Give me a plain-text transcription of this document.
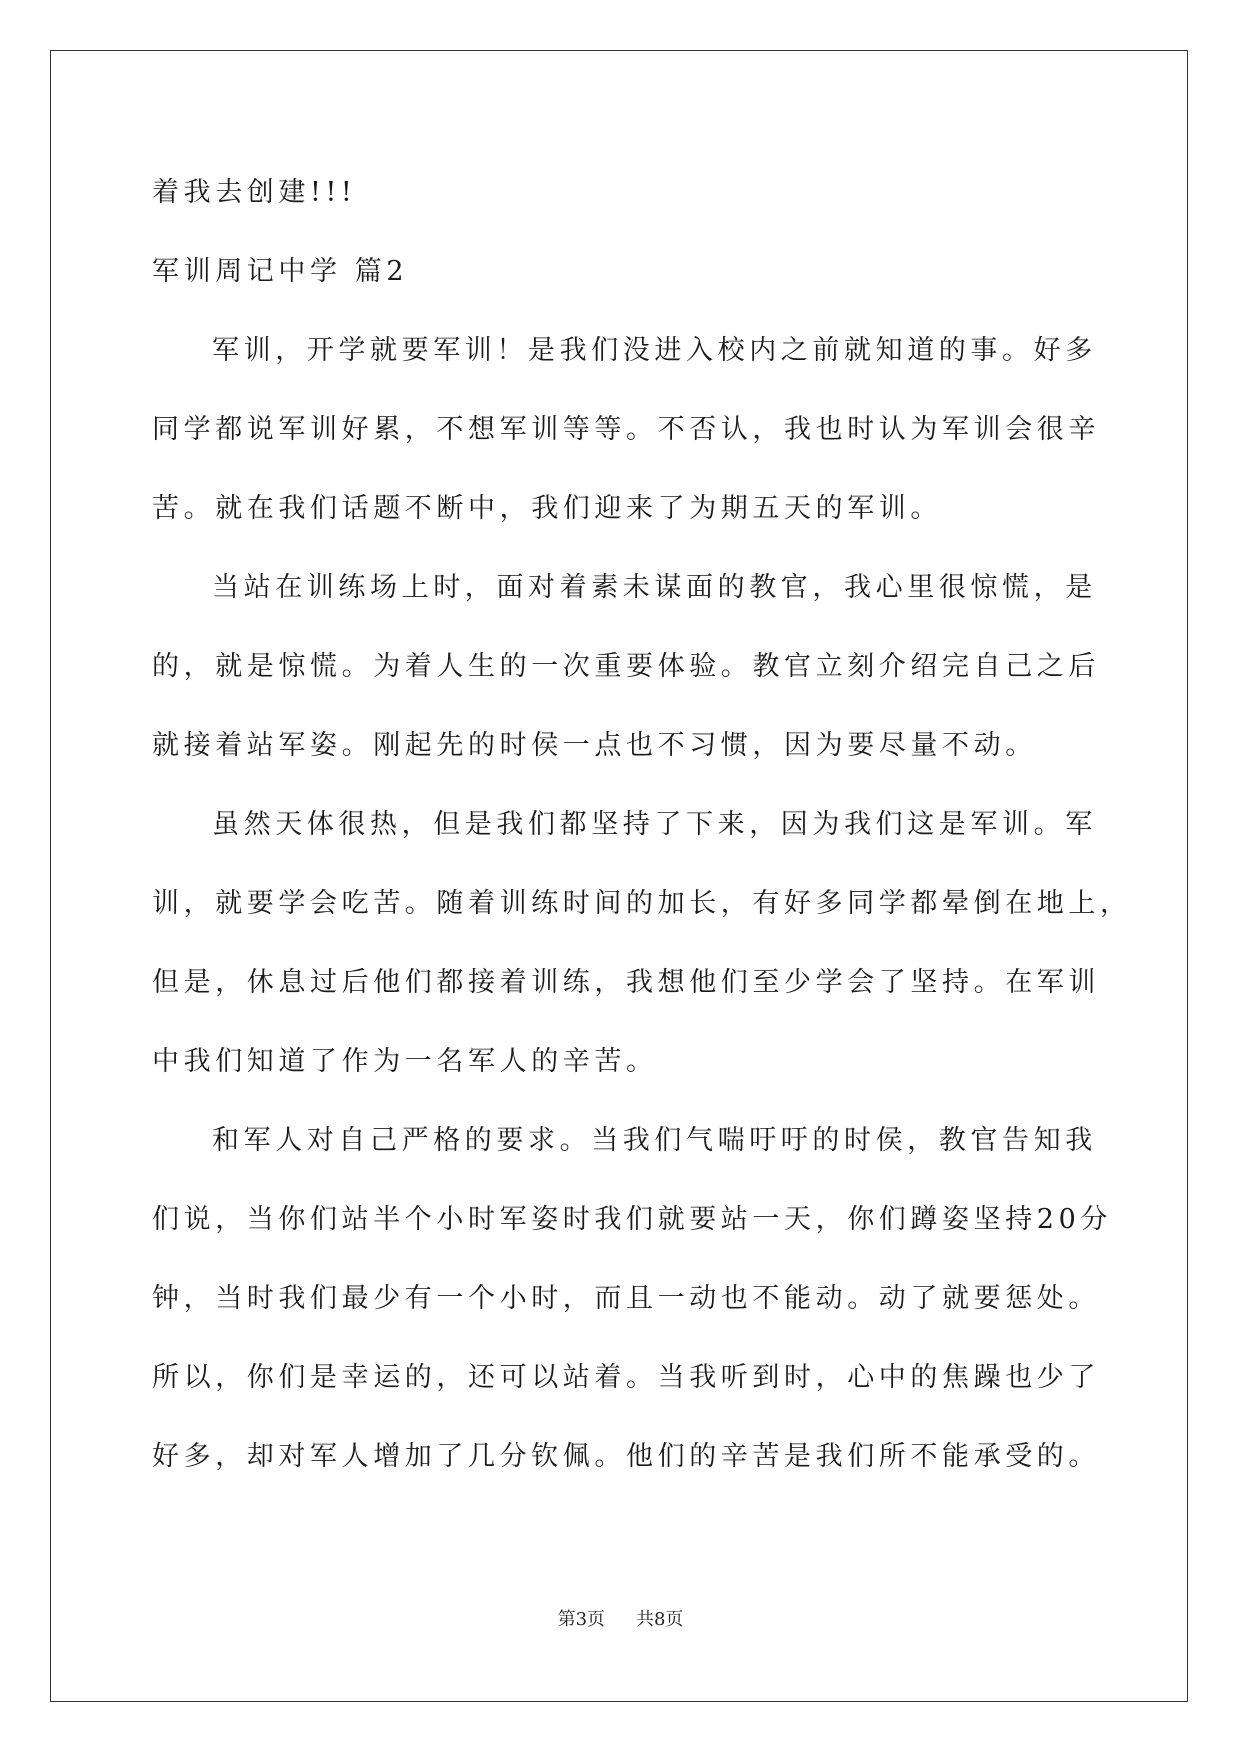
着我去创建!!!
军训周记中学 篇2
军训，开学就要军训！是我们没进入校内之前就知道的事。好多
同学都说军训好累，不想军训等等。不否认，我也时认为军训会很辛
苦。就在我们话题不断中，我们迎来了为期五天的军训。
当站在训练场上时，面对着素未谋面的教官，我心里很惊慌，是
的，就是惊慌。为着人生的一次重要体验。教官立刻介绍完自己之后
就接着站军姿。刚起先的时侯一点也不习惯，因为要尽量不动。
虽然天体很热，但是我们都坚持了下来，因为我们这是军训。军
训，就要学会吃苦。随着训练时间的加长，有好多同学都晕倒在地上，
但是，休息过后他们都接着训练，我想他们至少学会了坚持。在军训
中我们知道了作为一名军人的辛苦。
和军人对自己严格的要求。当我们气喘吁吁的时侯，教官告知我
们说，当你们站半个小时军姿时我们就要站一天，你们蹲姿坚持20分
钟，当时我们最少有一个小时，而且一动也不能动。动了就要惩处。
所以，你们是幸运的，还可以站着。当我听到时，心中的焦躁也少了
好多，却对军人增加了几分钦佩。他们的辛苦是我们所不能承受的。
第3页 共8页
